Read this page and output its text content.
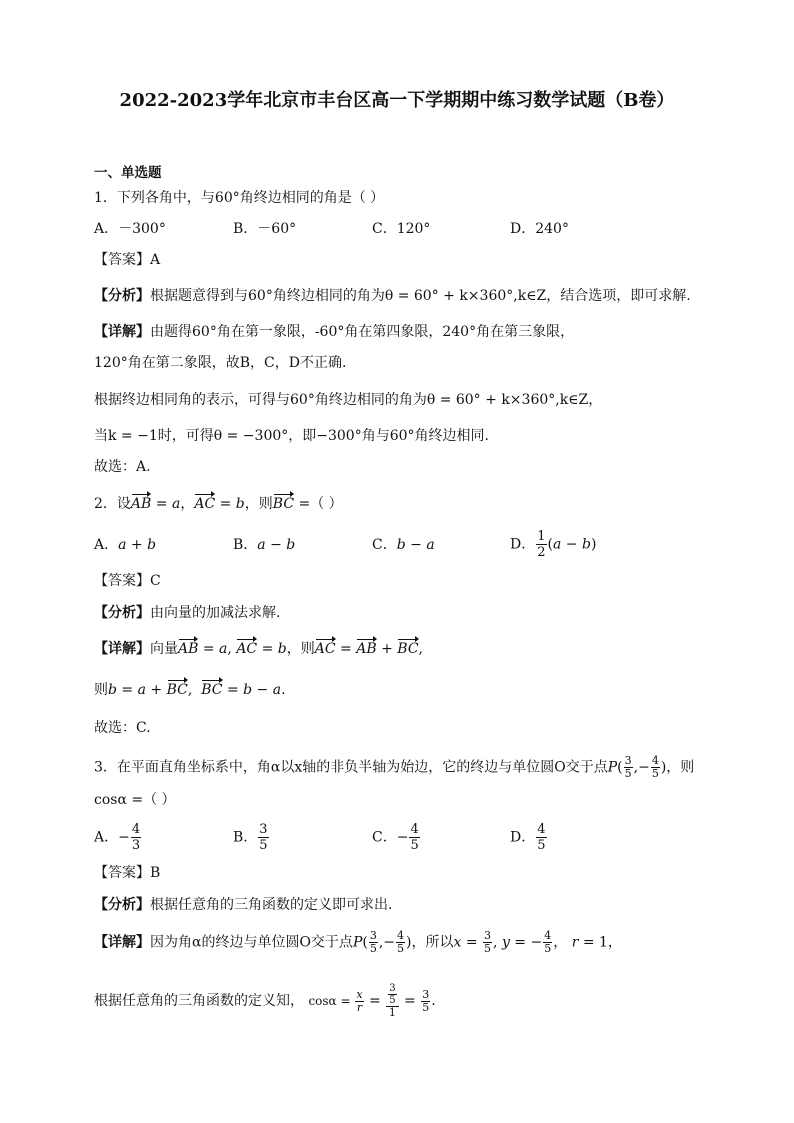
2022-2023学年北京市丰台区高一下学期期中练习数学试题（B卷）
一、单选题
1．下列各角中，与60°角终边相同的角是（ ）
A．－300°	B．－60°	C．120°	D．240°
【答案】A
【分析】根据题意得到与60°角终边相同的角为θ = 60° + k×360°,k∈Z，结合选项，即可求解.
【详解】由题得60°角在第一象限，-60°角在第四象限，240°角在第三象限，
120°角在第二象限，故B，C，D不正确.
根据终边相同角的表示，可得与60°角终边相同的角为θ = 60° + k×360°,k∈Z，
当k = −1时，可得θ = −300°，即−300°角与60°角终边相同.
故选：A.
2．设AB = a，AC = b，则BC =（ ）
A．a + b	B．a − b	C．b − a	D． $\frac{1}{2} (a - b)$
【答案】C
【分析】由向量的加减法求解.
【详解】向量AB = a, AC = b，则AC = AB + BC,
则b = a + BC,  BC = b − a.
故选：C.
3．在平面直角坐标系中，角α以x轴的非负半轴为始边，它的终边与单位圆O交于点$P( \frac{3}{5}$ ,− $\frac{4}{5}$ )，则
cosα =（ ）
A．− $\frac{4}{3}$	B． $\frac{3}{5}$	C．− $\frac{4}{5}$	D． $\frac{4}{5}$
【答案】B
【分析】根据任意角的三角函数的定义即可求出.
【详解】因为角α的终边与单位圆O交于点$P( \frac{3}{5}$ ,− $\frac{4}{5}$ )，所以$x = \frac{3}{5}$ , y = − $\frac{4}{5}$ ， r = 1，
根据任意角的三角函数的定义知， $\cos\alpha = \frac{x}{r} = \frac{\frac{3}{5}}{1} = \frac{3}{5}$ .
